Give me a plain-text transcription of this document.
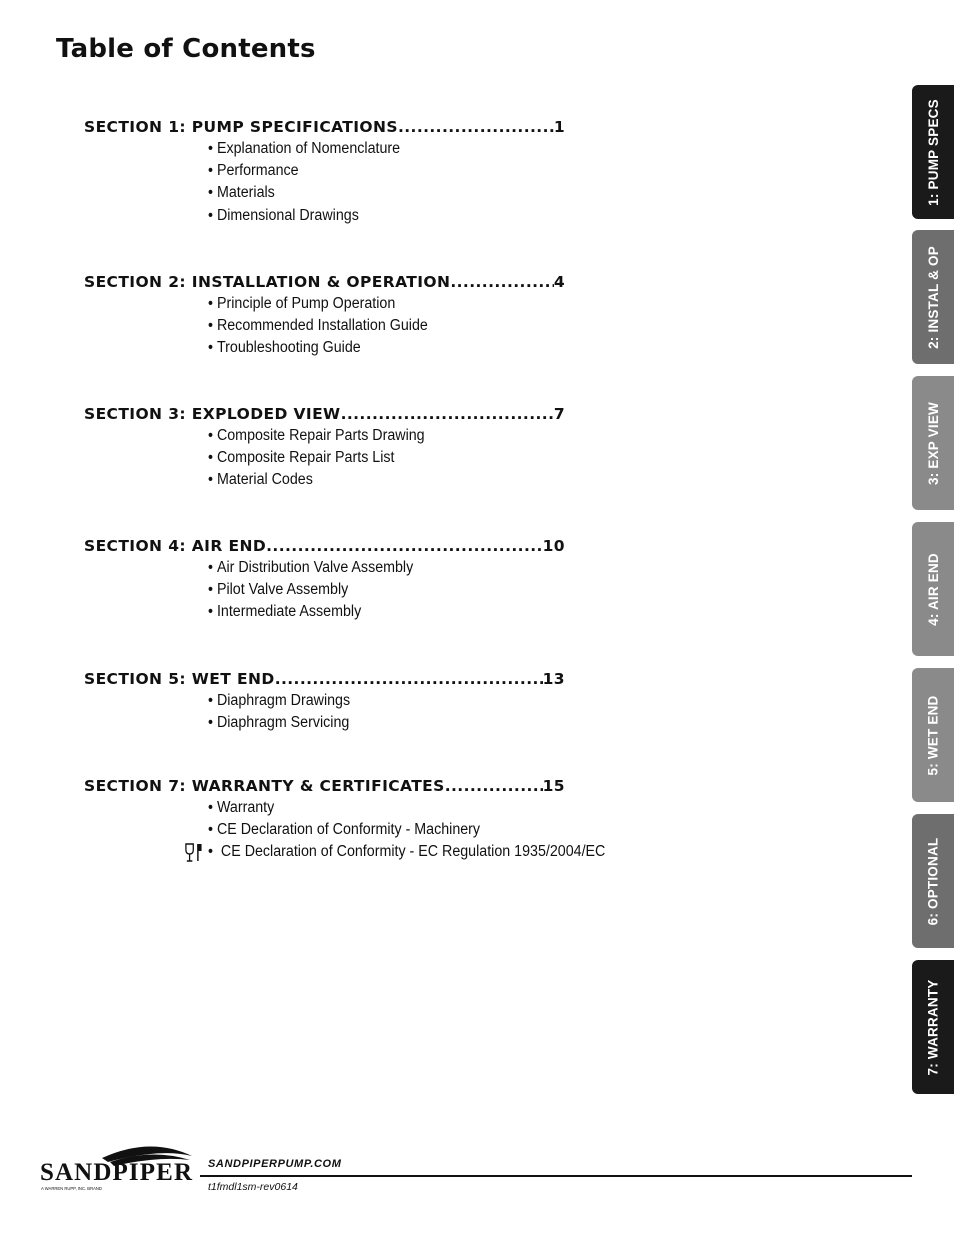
Table of Contents
SECTION 1: PUMP SPECIFICATIONS .....	1
• Explanation of Nomenclature
• Performance
• Materials
• Dimensional Drawings
SECTION 2: INSTALLATION & OPERATION .....	4
• Principle of Pump Operation
• Recommended Installation Guide
• Troubleshooting Guide
SECTION 3: EXPLODED VIEW .....	7
• Composite Repair Parts Drawing
• Composite Repair Parts List
• Material Codes
SECTION 4: AIR END .....	10
• Air Distribution Valve Assembly
• Pilot Valve Assembly
• Intermediate Assembly
SECTION 5: WET END .....	13
• Diaphragm Drawings
• Diaphragm Servicing
SECTION 7: WARRANTY & CERTIFICATES .....	15
• Warranty
• CE Declaration of Conformity - Machinery

• CE Declaration of Conformity - EC Regulation 1935/2004/EC
1: PUMP SPECS
2: INSTAL & OP
3: EXP VIEW
4: AIR END
5: WET END
6: OPTIONAL
7: WARRANTY
SANDPIPER
A WARREN RUPP, INC. BRAND
SANDPIPERPUMP.COM
t1fmdl1sm-rev0614
